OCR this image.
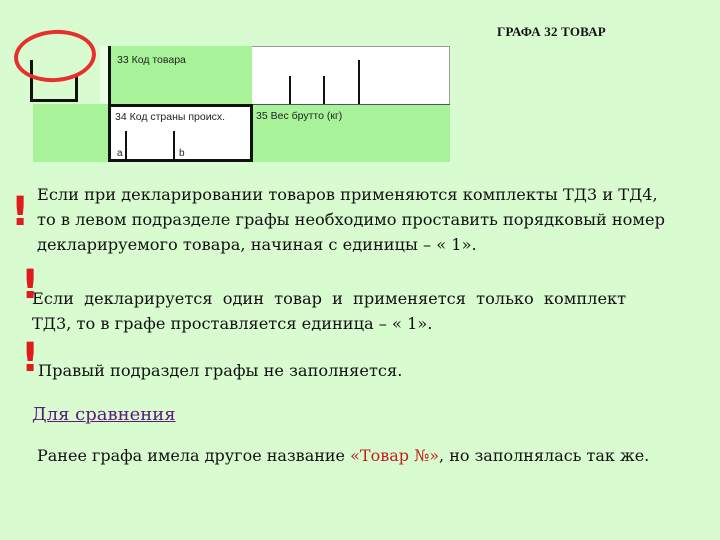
ГРАФА 32 ТОВАР
33 Код товара
34 Код страны происх.
a	b
35 Вес брутто (кг)
!
!
!
Если при декларировании товаров применяются комплекты ТД3 и ТД4,
то в левом подразделе графы необходимо проставить порядковый номер
декларируемого товара, начиная с единицы – « 1».
Если декларируется один товар и применяется только комплект
ТД3, то в графе проставляется единица – « 1».
Правый подраздел графы не заполняется.
Для сравнения
Ранее графа имела другое название «Товар №», но заполнялась так же.
